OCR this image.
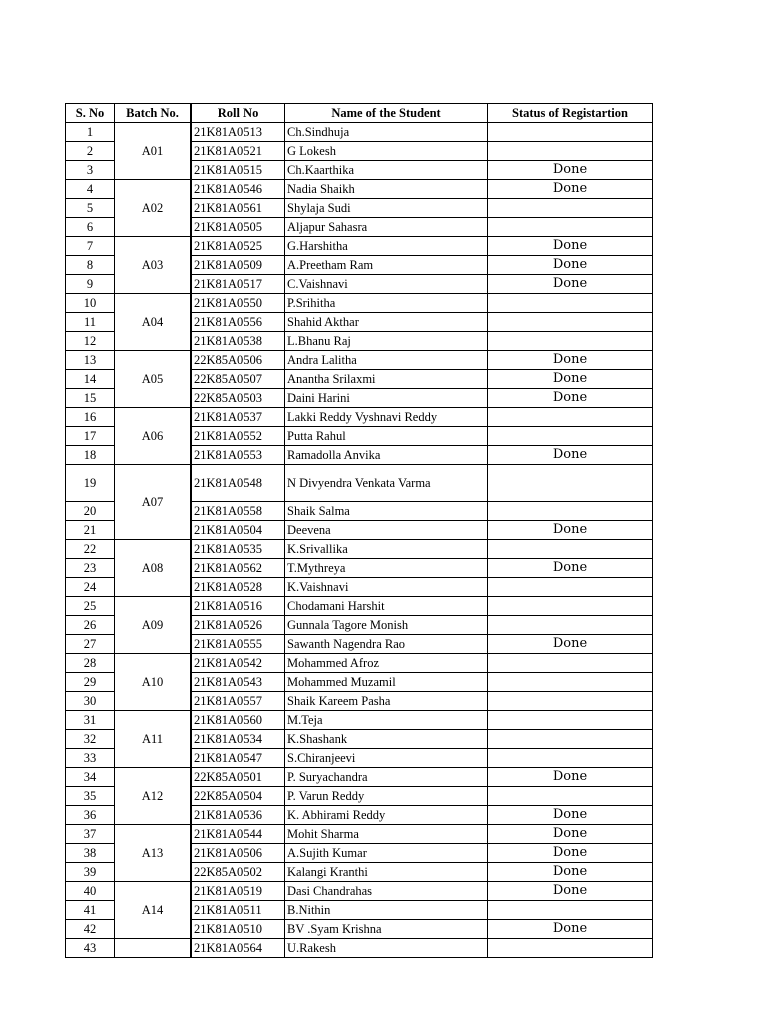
S. No	Batch No.		Roll No	Name of the Student	Status of Registartion
1	A01		21K81A0513	Ch.Sindhuja	
2		21K81A0521	G Lokesh	
3		21K81A0515	Ch.Kaarthika	Done
4	A02		21K81A0546	Nadia Shaikh	Done
5		21K81A0561	Shylaja Sudi	
6		21K81A0505	Aljapur Sahasra	
7	A03		21K81A0525	G.Harshitha	Done
8		21K81A0509	A.Preetham Ram	Done
9		21K81A0517	C.Vaishnavi	Done
10	A04		21K81A0550	P.Srihitha	
11		21K81A0556	Shahid Akthar	
12		21K81A0538	L.Bhanu Raj	
13	A05		22K85A0506	Andra Lalitha	Done
14		22K85A0507	Anantha Srilaxmi	Done
15		22K85A0503	Daini Harini	Done
16	A06		21K81A0537	Lakki Reddy Vyshnavi Reddy	
17		21K81A0552	Putta Rahul	
18		21K81A0553	Ramadolla Anvika	Done
19	A07		21K81A0548	N Divyendra Venkata Varma	
20		21K81A0558	Shaik Salma	
21		21K81A0504	Deevena	Done
22	A08		21K81A0535	K.Srivallika	
23		21K81A0562	T.Mythreya	Done
24		21K81A0528	K.Vaishnavi	
25	A09		21K81A0516	Chodamani Harshit	
26		21K81A0526	Gunnala Tagore Monish	
27		21K81A0555	Sawanth Nagendra Rao	Done
28	A10		21K81A0542	Mohammed Afroz	
29		21K81A0543	Mohammed Muzamil	
30		21K81A0557	Shaik Kareem Pasha	
31	A11		21K81A0560	M.Teja	
32		21K81A0534	K.Shashank	
33		21K81A0547	S.Chiranjeevi	
34	A12		22K85A0501	P. Suryachandra	Done
35		22K85A0504	P. Varun Reddy	
36		21K81A0536	K. Abhirami Reddy	Done
37	A13		21K81A0544	Mohit Sharma	Done
38		21K81A0506	A.Sujith Kumar	Done
39		22K85A0502	Kalangi Kranthi	Done
40	A14		21K81A0519	Dasi Chandrahas	Done
41		21K81A0511	B.Nithin	
42		21K81A0510	BV .Syam Krishna	Done
43			21K81A0564	U.Rakesh	
